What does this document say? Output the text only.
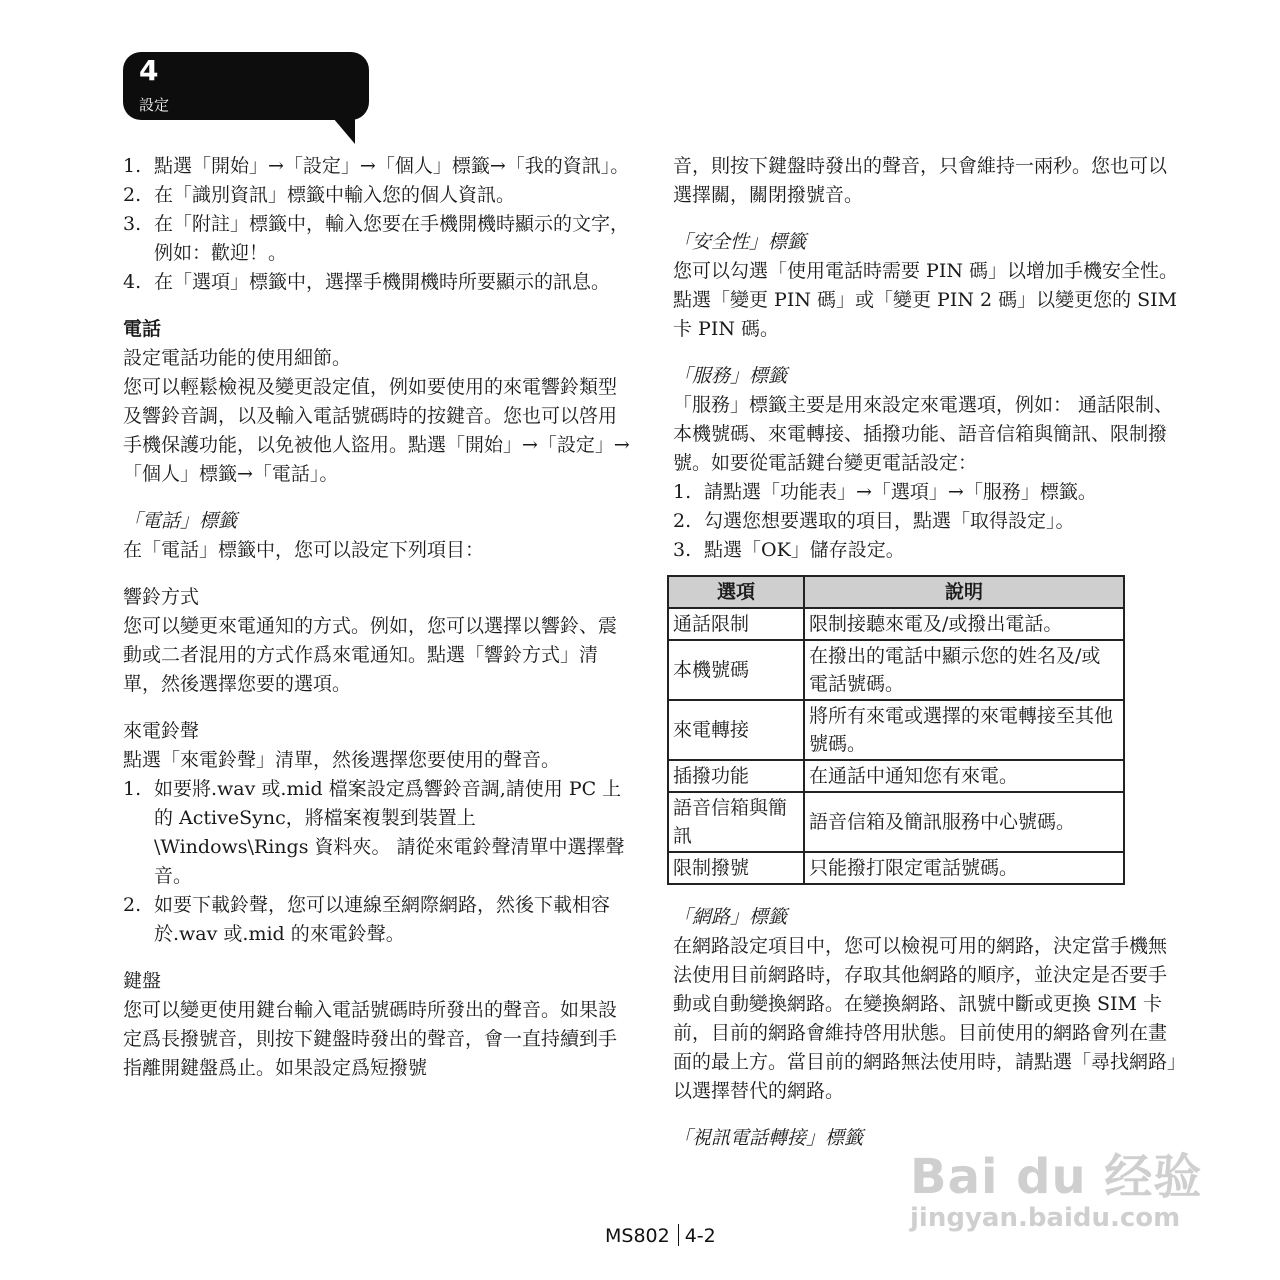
4
設定
1. 點選「開始」→「設定」→「個人」標籤→「我的資訊」。
2. 在「識別資訊」標籤中輸入您的個人資訊。
3. 在「附註」標籤中，輸入您要在手機開機時顯示的文字，例如：歡迎！。
4. 在「選項」標籤中，選擇手機開機時所要顯示的訊息。

電話

設定電話功能的使用細節。

您可以輕鬆檢視及變更設定值，例如要使用的來電響鈴類型及響鈴音調，以及輸入電話號碼時的按鍵音。您也可以啓用手機保護功能，以免被他人盜用。點選「開始」→「設定」→「個人」標籤→「電話」。

「電話」標籤

在「電話」標籤中，您可以設定下列項目：

響鈴方式

您可以變更來電通知的方式。例如，您可以選擇以響鈴、震動或二者混用的方式作爲來電通知。點選「響鈴方式」清單，然後選擇您要的選項。

來電鈴聲

點選「來電鈴聲」清單，然後選擇您要使用的聲音。

1. 如要將.wav 或.mid 檔案設定爲響鈴音調,請使用 PC 上的 ActiveSync，將檔案複製到裝置上 \Windows\Rings 資料夾。 請從來電鈴聲清單中選擇聲音。
2. 如要下載鈴聲，您可以連線至網際網路，然後下載相容於.wav 或.mid 的來電鈴聲。

鍵盤

您可以變更使用鍵台輸入電話號碼時所發出的聲音。如果設定爲長撥號音，則按下鍵盤時發出的聲音，會一直持續到手指離開鍵盤爲止。如果設定爲短撥號

音，則按下鍵盤時發出的聲音，只會維持一兩秒。您也可以選擇關，關閉撥號音。

「安全性」標籤

您可以勾選「使用電話時需要 PIN 碼」以增加手機安全性。 點選「變更 PIN 碼」或「變更 PIN 2 碼」以變更您的 SIM 卡 PIN 碼。

「服務」標籤

「服務」標籤主要是用來設定來電選項，例如： 通話限制、本機號碼、來電轉接、插撥功能、語音信箱與簡訊、限制撥號。如要從電話鍵台變更電話設定：

1. 請點選「功能表」→「選項」→「服務」標籤。
2. 勾選您想要選取的項目，點選「取得設定」。
3. 點選「OK」儲存設定。
選項	說明
通話限制	限制接聽來電及/或撥出電話。
本機號碼	在撥出的電話中顯示您的姓名及/或電話號碼。
來電轉接	將所有來電或選擇的來電轉接至其他號碼。
插撥功能	在通話中通知您有來電。
語音信箱與簡訊	語音信箱及簡訊服務中心號碼。
限制撥號	只能撥打限定電話號碼。

「網路」標籤

在網路設定項目中，您可以檢視可用的網路，決定當手機無法使用目前網路時，存取其他網路的順序，並決定是否要手動或自動變換網路。在變換網路、訊號中斷或更換 SIM 卡前，目前的網路會維持啓用狀態。目前使用的網路會列在畫面的最上方。當目前的網路無法使用時，請點選「尋找網路」以選擇替代的網路。

「視訊電話轉接」標籤

Bai du 经验
jingyan.baidu.com
MS802 4-2
